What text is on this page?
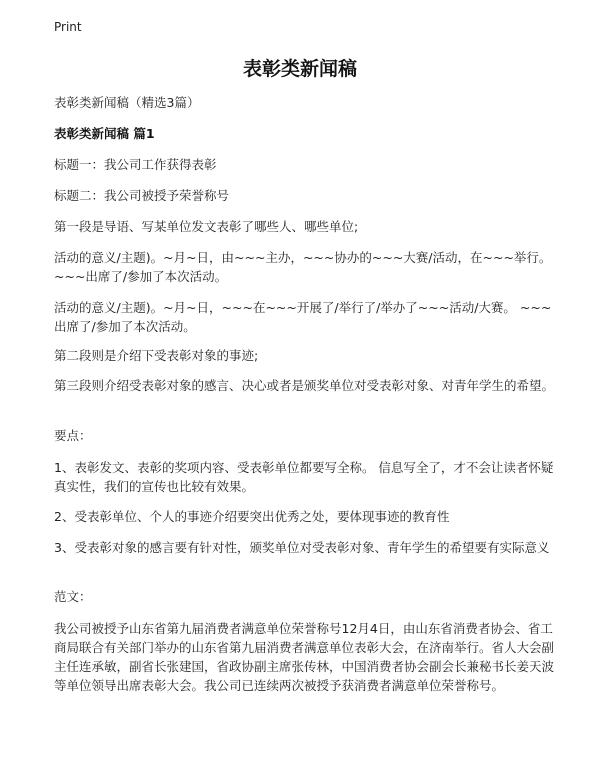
Print
表彰类新闻稿

表彰类新闻稿（精选3篇）

表彰类新闻稿 篇1

标题一：我公司工作获得表彰

标题二：我公司被授予荣誉称号

第一段是导语、写某单位发文表彰了哪些人、哪些单位;

活动的意义/主题)。~月~日，由~~~主办，~~~协办的~~~大赛/活动，在~~~举行。~~~出席了/参加了本次活动。

活动的意义/主题)。~月~日，~~~在~~~开展了/举行了/举办了~~~活动/大赛。 ~~~出席了/参加了本次活动。

第二段则是介绍下受表彰对象的事迹;

第三段则介绍受表彰对象的感言、决心或者是颁奖单位对受表彰对象、对青年学生的希望。

要点：

1、表彰发文、表彰的奖项内容、受表彰单位都要写全称。 信息写全了，才不会让读者怀疑真实性，我们的宣传也比较有效果。

2、受表彰单位、个人的事迹介绍要突出优秀之处，要体现事迹的教育性

3、受表彰对象的感言要有针对性，颁奖单位对受表彰对象、青年学生的希望要有实际意义

范文：

我公司被授予山东省第九届消费者满意单位荣誉称号12月4日，由山东省消费者协会、省工商局联合有关部门举办的山东省第九届消费者满意单位表彰大会，在济南举行。省人大会副主任连承敏，副省长张建国，省政协副主席张传林，中国消费者协会副会长兼秘书长姜天波等单位领导出席表彰大会。我公司已连续两次被授予获消费者满意单位荣誉称号。
